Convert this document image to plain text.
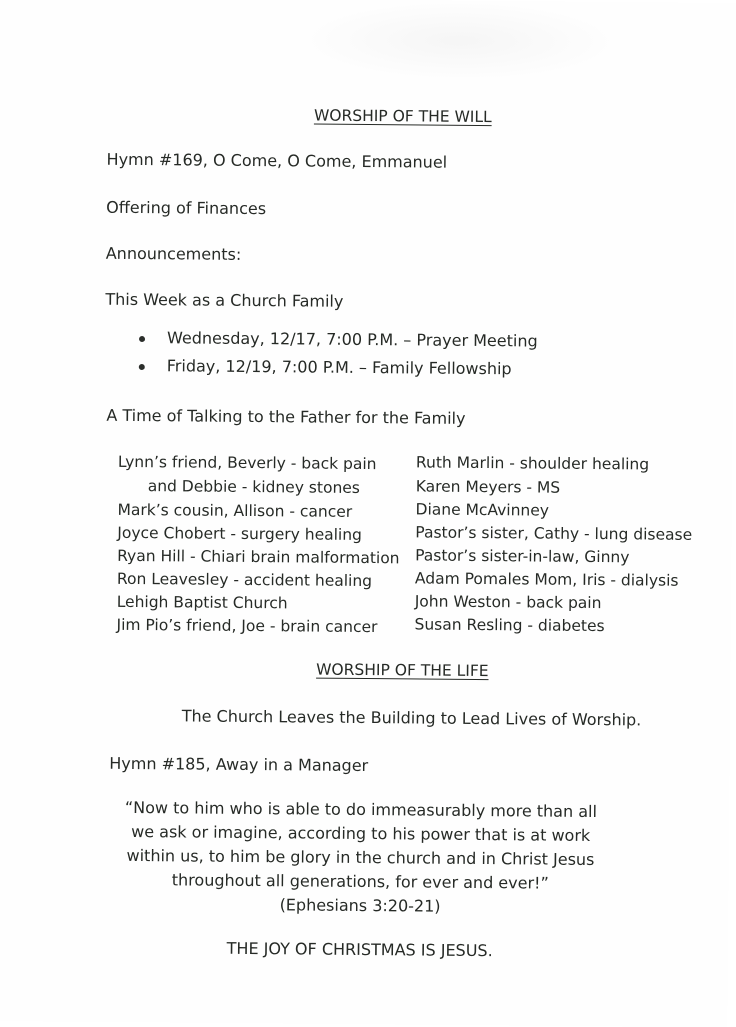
WORSHIP OF THE WILL
Hymn #169, O Come, O Come, Emmanuel
Offering of Finances
Announcements:
This Week as a Church Family
Wednesday, 12/17, 7:00 P.M. – Prayer Meeting
Friday, 12/19, 7:00 P.M. – Family Fellowship
A Time of Talking to the Father for the Family
Lynn’s friend, Beverly - back pain
and Debbie - kidney stones
Mark’s cousin, Allison - cancer
Joyce Chobert - surgery healing
Ryan Hill - Chiari brain malformation
Ron Leavesley - accident healing
Lehigh Baptist Church
Jim Pio’s friend, Joe - brain cancer
Ruth Marlin - shoulder healing
Karen Meyers - MS
Diane McAvinney
Pastor’s sister, Cathy - lung disease
Pastor’s sister-in-law, Ginny
Adam Pomales Mom, Iris - dialysis
John Weston - back pain
Susan Resling - diabetes
WORSHIP OF THE LIFE
The Church Leaves the Building to Lead Lives of Worship.
Hymn #185, Away in a Manager
“Now to him who is able to do immeasurably more than all
we ask or imagine, according to his power that is at work
within us, to him be glory in the church and in Christ Jesus
throughout all generations, for ever and ever!”
(Ephesians 3:20-21)
THE JOY OF CHRISTMAS IS JESUS.
